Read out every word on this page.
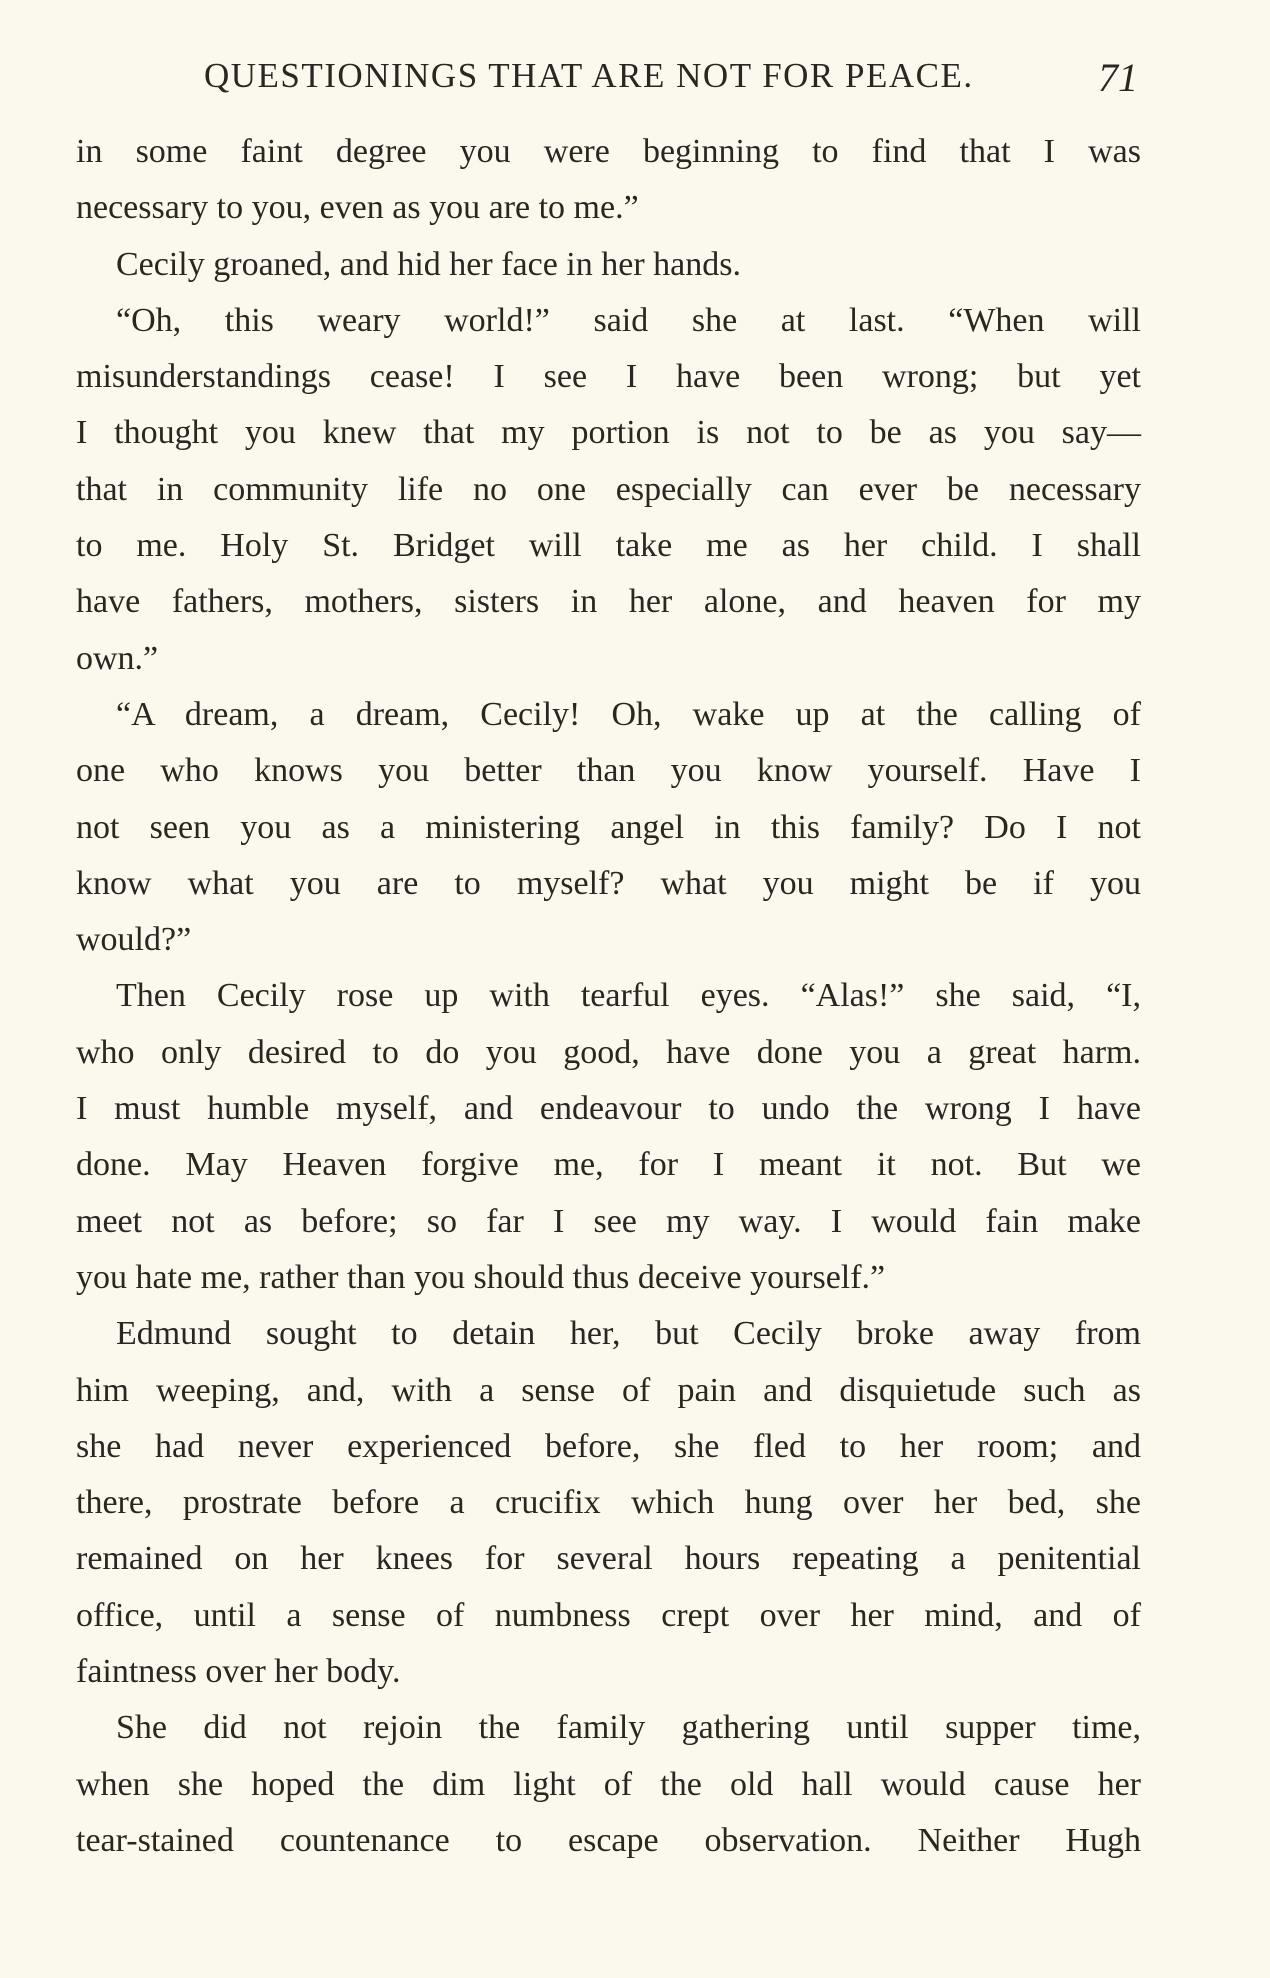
QUESTIONINGS THAT ARE NOT FOR PEACE.	71
in some faint degree you were beginning to find that I was
necessary to you, even as you are to me.”
Cecily groaned, and hid her face in her hands.
“Oh, this weary world!” said she at last. “When will
misunderstandings cease! I see I have been wrong; but yet
I thought you knew that my portion is not to be as you say—
that in community life no one especially can ever be necessary
to me. Holy St. Bridget will take me as her child. I shall
have fathers, mothers, sisters in her alone, and heaven for my
own.”
“A dream, a dream, Cecily! Oh, wake up at the calling of
one who knows you better than you know yourself. Have I
not seen you as a ministering angel in this family? Do I not
know what you are to myself? what you might be if you
would?”
Then Cecily rose up with tearful eyes. “Alas!” she said, “I,
who only desired to do you good, have done you a great harm.
I must humble myself, and endeavour to undo the wrong I have
done. May Heaven forgive me, for I meant it not. But we
meet not as before; so far I see my way. I would fain make
you hate me, rather than you should thus deceive yourself.”
Edmund sought to detain her, but Cecily broke away from
him weeping, and, with a sense of pain and disquietude such as
she had never experienced before, she fled to her room; and
there, prostrate before a crucifix which hung over her bed, she
remained on her knees for several hours repeating a penitential
office, until a sense of numbness crept over her mind, and of
faintness over her body.
She did not rejoin the family gathering until supper time,
when she hoped the dim light of the old hall would cause her
tear-stained countenance to escape observation. Neither Hugh
